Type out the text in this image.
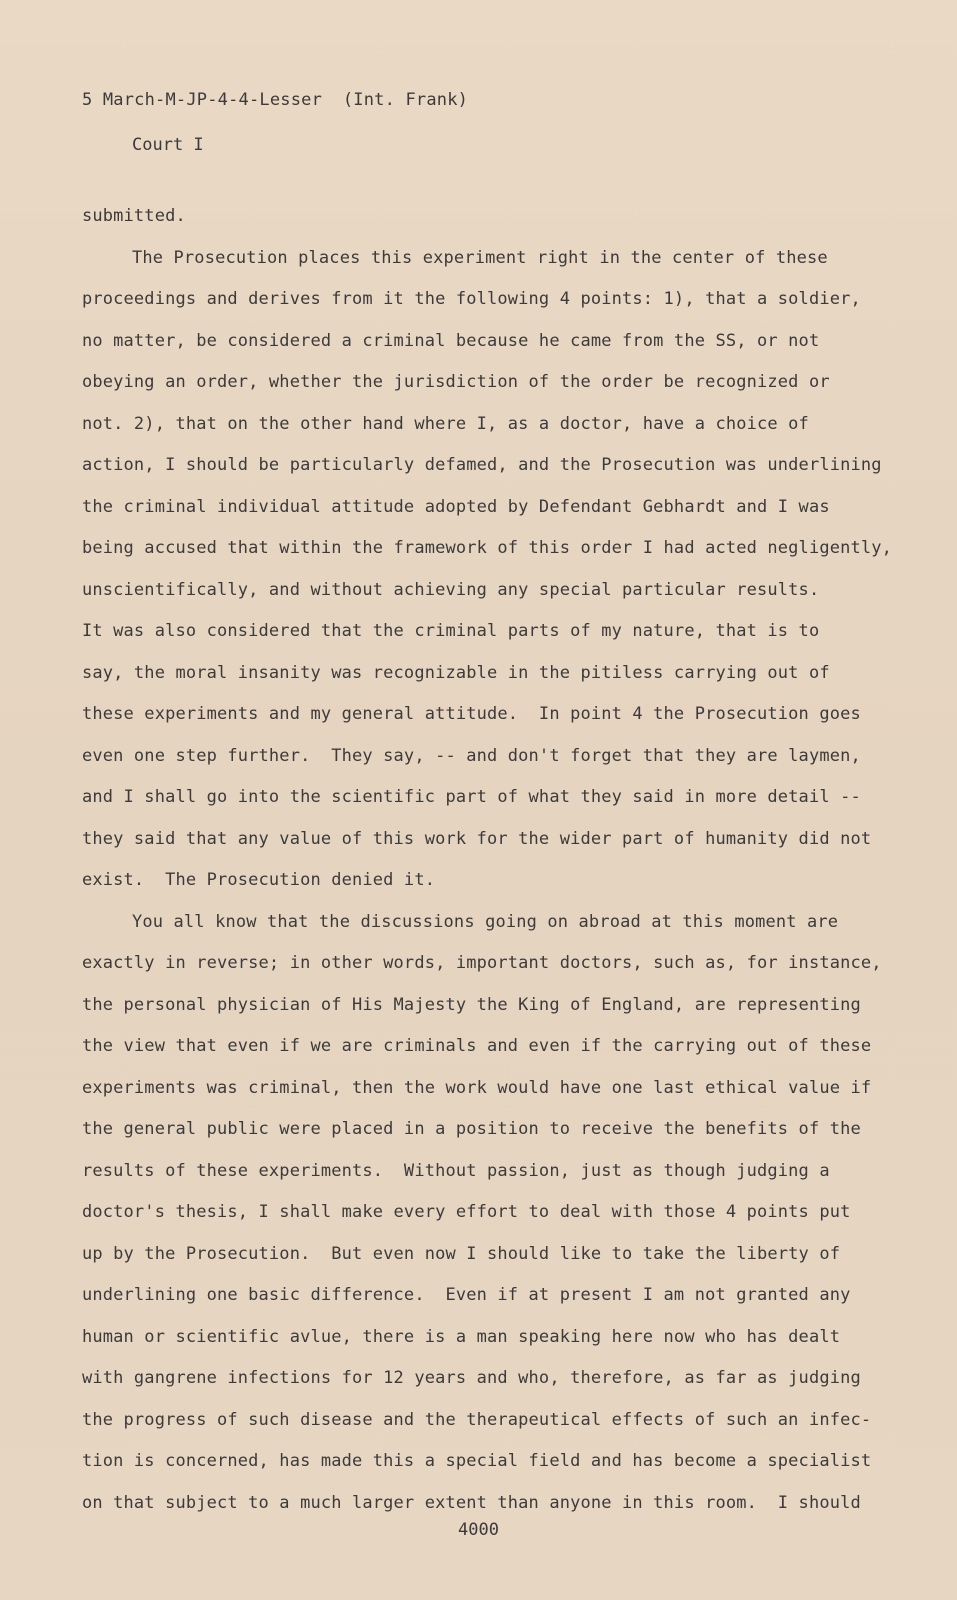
5 March-M-JP-4-4-Lesser  (Int. Frank)
Court I
submitted.
The Prosecution places this experiment right in the center of these
proceedings and derives from it the following 4 points: 1), that a soldier,
no matter, be considered a criminal because he came from the SS, or not
obeying an order, whether the jurisdiction of the order be recognized or
not. 2), that on the other hand where I, as a doctor, have a choice of
action, I should be particularly defamed, and the Prosecution was underlining
the criminal individual attitude adopted by Defendant Gebhardt and I was
being accused that within the framework of this order I had acted negligently,
unscientifically, and without achieving any special particular results.
It was also considered that the criminal parts of my nature, that is to
say, the moral insanity was recognizable in the pitiless carrying out of
these experiments and my general attitude.  In point 4 the Prosecution goes
even one step further.  They say, -- and don't forget that they are laymen,
and I shall go into the scientific part of what they said in more detail --
they said that any value of this work for the wider part of humanity did not
exist.  The Prosecution denied it.
You all know that the discussions going on abroad at this moment are
exactly in reverse; in other words, important doctors, such as, for instance,
the personal physician of His Majesty the King of England, are representing
the view that even if we are criminals and even if the carrying out of these
experiments was criminal, then the work would have one last ethical value if
the general public were placed in a position to receive the benefits of the
results of these experiments.  Without passion, just as though judging a
doctor's thesis, I shall make every effort to deal with those 4 points put
up by the Prosecution.  But even now I should like to take the liberty of
underlining one basic difference.  Even if at present I am not granted any
human or scientific avlue, there is a man speaking here now who has dealt
with gangrene infections for 12 years and who, therefore, as far as judging
the progress of such disease and the therapeutical effects of such an infec-
tion is concerned, has made this a special field and has become a specialist
on that subject to a much larger extent than anyone in this room.  I should
4000
